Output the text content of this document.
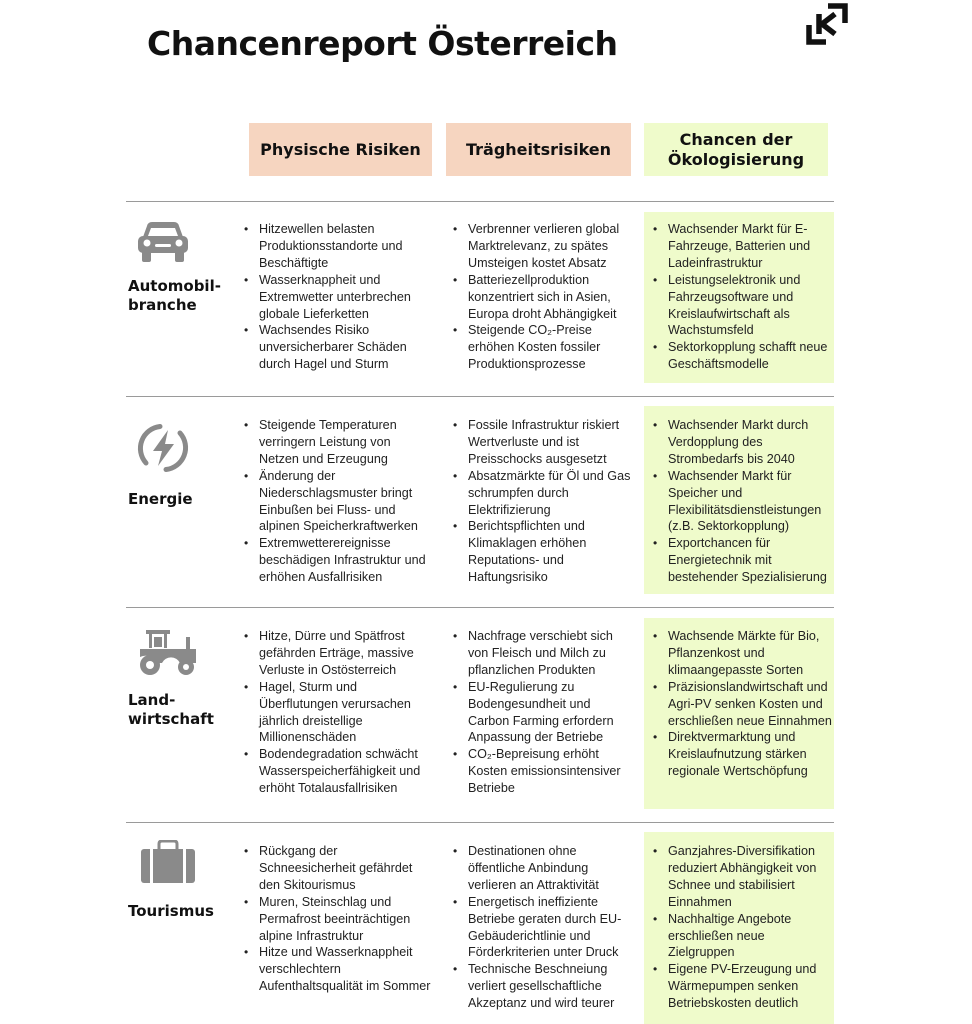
Chancenreport Österreich
Physische Risiken	Trägheitsrisiken
Chancen der Ökologisierung
Automobil-
branche
• Hitzewellen belasten Produktionsstandorte und Beschäftigte
• Wasserknappheit und Extremwetter unterbrechen globale Lieferketten
• Wachsendes Risiko unversicherbarer Schäden durch Hagel und Sturm
• Verbrenner verlieren global Marktrelevanz, zu spätes Umsteigen kostet Absatz
• Batteriezellproduktion konzentriert sich in Asien, Europa droht Abhängigkeit
• Steigende CO₂-Preise erhöhen Kosten fossiler Produktionsprozesse
• Wachsender Markt für E-Fahrzeuge, Batterien und Ladeinfrastruktur
• Leistungselektronik und Fahrzeugsoftware und Kreislaufwirtschaft als Wachstumsfeld
• Sektorkopplung schafft neue Geschäftsmodelle
Energie
• Steigende Temperaturen verringern Leistung von Netzen und Erzeugung
• Änderung der Niederschlagsmuster bringt Einbußen bei Fluss- und alpinen Speicherkraftwerken
• Extremwetterereignisse beschädigen Infrastruktur und erhöhen Ausfallrisiken
• Fossile Infrastruktur riskiert Wertverluste und ist Preisschocks ausgesetzt
• Absatzmärkte für Öl und Gas schrumpfen durch Elektrifizierung
• Berichtspflichten und Klimaklagen erhöhen Reputations- und Haftungsrisiko
• Wachsender Markt durch Verdopplung des Strombedarfs bis 2040
• Wachsender Markt für Speicher und Flexibilitätsdienstleistungen (z.B. Sektorkopplung)
• Exportchancen für Energietechnik mit bestehender Spezialisierung
Land-
wirtschaft
• Hitze, Dürre und Spätfrost gefährden Erträge, massive Verluste in Ostösterreich
• Hagel, Sturm und Überflutungen verursachen jährlich dreistellige Millionenschäden
• Bodendegradation schwächt Wasserspeicherfähigkeit und erhöht Totalausfallrisiken
• Nachfrage verschiebt sich von Fleisch und Milch zu pflanzlichen Produkten
• EU-Regulierung zu Bodengesundheit und Carbon Farming erfordern Anpassung der Betriebe
• CO₂-Bepreisung erhöht Kosten emissionsintensiver Betriebe
• Wachsende Märkte für Bio, Pflanzenkost und klimaangepasste Sorten
• Präzisionslandwirtschaft und Agri-PV senken Kosten und erschließen neue Einnahmen
• Direktvermarktung und Kreislaufnutzung stärken regionale Wertschöpfung
Tourismus
• Rückgang der Schneesicherheit gefährdet den Skitourismus
• Muren, Steinschlag und Permafrost beeinträchtigen alpine Infrastruktur
• Hitze und Wasserknappheit verschlechtern Aufenthaltsqualität im Sommer
• Destinationen ohne öffentliche Anbindung verlieren an Attraktivität
• Energetisch ineffiziente Betriebe geraten durch EU-Gebäuderichtlinie und Förderkriterien unter Druck
• Technische Beschneiung verliert gesellschaftliche Akzeptanz und wird teurer
• Ganzjahres-Diversifikation reduziert Abhängigkeit von Schnee und stabilisiert Einnahmen
• Nachhaltige Angebote erschließen neue Zielgruppen
• Eigene PV-Erzeugung und Wärmepumpen senken Betriebskosten deutlich
